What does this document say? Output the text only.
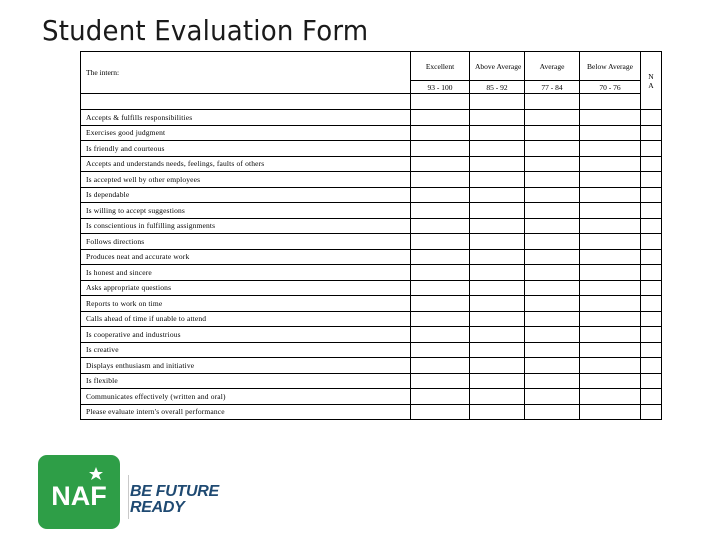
Student Evaluation Form
The intern:	Excellent	Above Average	Average	Below Average	N A

	93 - 100	85 - 92	77 - 84	70 - 76	

Accepts & fulfills responsibilities					
Exercises good judgment					
Is friendly and courteous					
Accepts and understands needs, feelings, faults of others					
Is accepted well by other employees					
Is dependable					
Is willing to accept suggestions					
Is conscientious in fulfilling assignments					
Follows directions					
Produces neat and accurate work					
Is honest and sincere					
Asks appropriate questions					
Reports to work on time					
Calls ahead of time if unable to attend					
Is cooperative and industrious					
Is creative					
Displays enthusiasm and initiative					
Is flexible					
Communicates effectively (written and oral)					
Please evaluate intern's overall performance					
NAF BE FUTURE
READY
